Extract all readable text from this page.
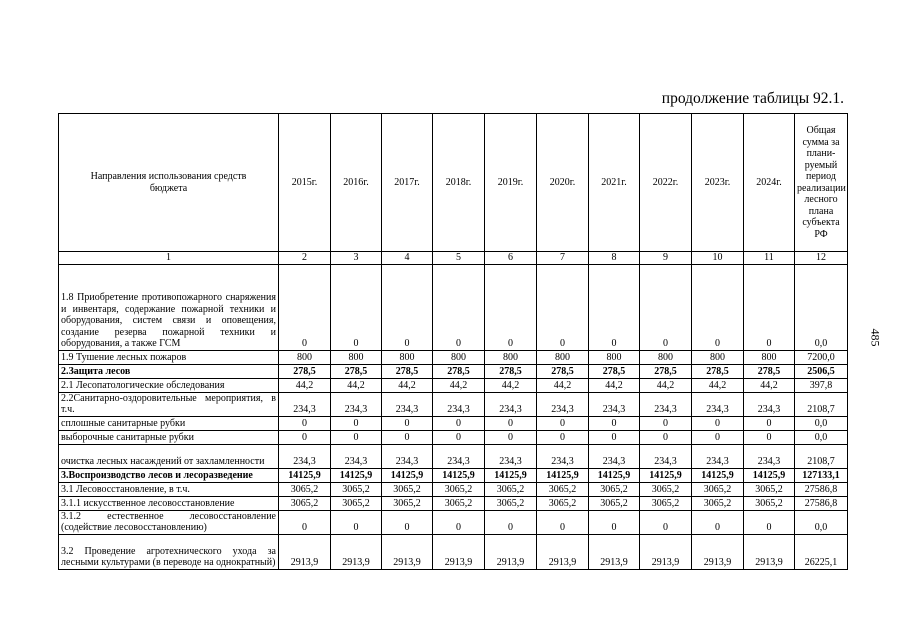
продолжение таблицы 92.1.
485
Направления использования средств бюджета	2015г.	2016г.	2017г.	2018г.	2019г.	2020г.	2021г.	2022г.	2023г.	2024г.	Общая сумма за плани-руемый период реализации лесного плана субъекта РФ
1	2	3	4	5	6	7	8	9	10	11	12
1.8 Приобретение противопожарного снаряжения и инвентаря, содержание пожарной техники и оборудования, систем связи и оповещения, создание резерва пожарной техники и оборудования, а также ГСМ	0	0	0	0	0	0	0	0	0	0	0,0
1.9 Тушение лесных пожаров	800	800	800	800	800	800	800	800	800	800	7200,0
2.Защита лесов	278,5	278,5	278,5	278,5	278,5	278,5	278,5	278,5	278,5	278,5	2506,5
2.1 Лесопатологические обследования	44,2	44,2	44,2	44,2	44,2	44,2	44,2	44,2	44,2	44,2	397,8
2.2Санитарно-оздоровительные мероприятия, в т.ч.	234,3	234,3	234,3	234,3	234,3	234,3	234,3	234,3	234,3	234,3	2108,7
сплошные санитарные рубки	0	0	0	0	0	0	0	0	0	0	0,0
выборочные санитарные рубки	0	0	0	0	0	0	0	0	0	0	0,0
очистка лесных насаждений от захламленности	234,3	234,3	234,3	234,3	234,3	234,3	234,3	234,3	234,3	234,3	2108,7
3.Воспроизводство лесов и лесоразведение	14125,9	14125,9	14125,9	14125,9	14125,9	14125,9	14125,9	14125,9	14125,9	14125,9	127133,1
3.1 Лесовосстановление, в т.ч.	3065,2	3065,2	3065,2	3065,2	3065,2	3065,2	3065,2	3065,2	3065,2	3065,2	27586,8
3.1.1 искусственное лесовосстановление	3065,2	3065,2	3065,2	3065,2	3065,2	3065,2	3065,2	3065,2	3065,2	3065,2	27586,8
3.1.2 естественное лесовосстановление (содействие лесовосстановлению)	0	0	0	0	0	0	0	0	0	0	0,0
3.2 Проведение агротехнического ухода за лесными культурами (в переводе на однократный)	2913,9	2913,9	2913,9	2913,9	2913,9	2913,9	2913,9	2913,9	2913,9	2913,9	26225,1
